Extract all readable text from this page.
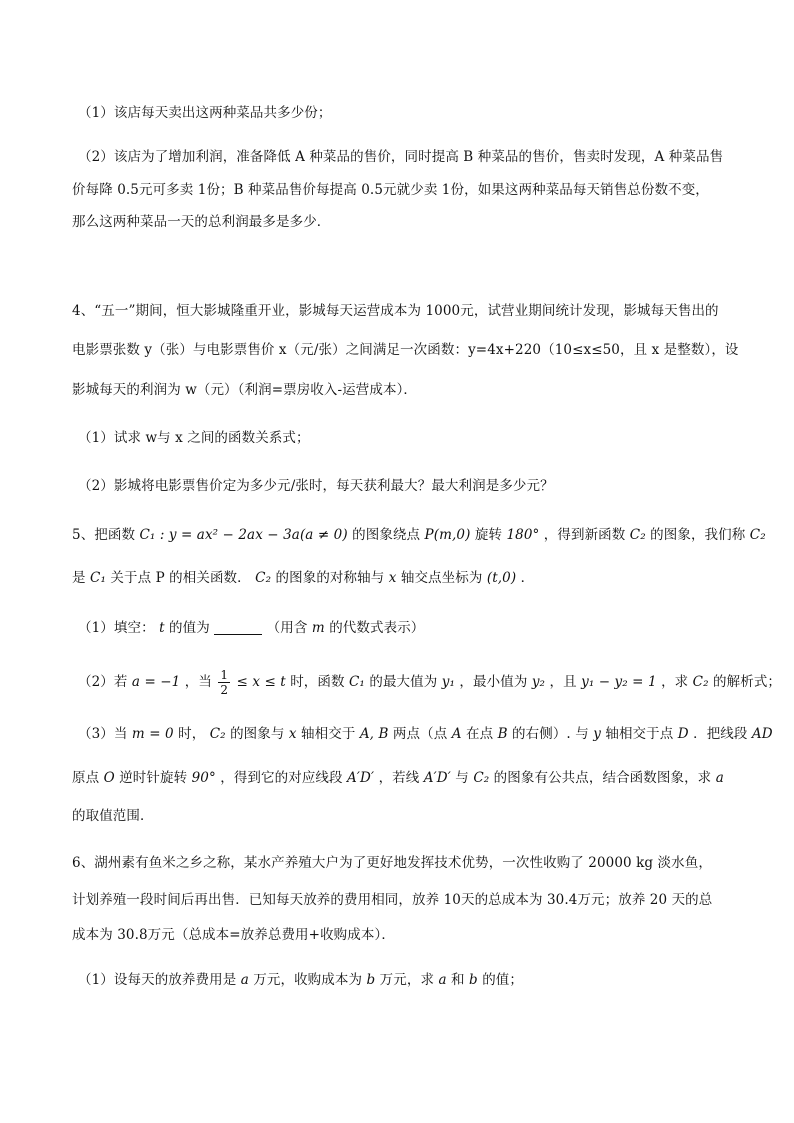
（1）该店每天卖出这两种菜品共多少份；
（2）该店为了增加利润，准备降低 A 种菜品的售价，同时提高 B 种菜品的售价，售卖时发现，A 种菜品售
价每降 0.5元可多卖 1份；B 种菜品售价每提高 0.5元就少卖 1份，如果这两种菜品每天销售总份数不变，
那么这两种菜品一天的总利润最多是多少．
4、“五一”期间，恒大影城隆重开业，影城每天运营成本为 1000元，试营业期间统计发现，影城每天售出的
电影票张数 y（张）与电影票售价 x（元/张）之间满足一次函数：y=4x+220（10≤x≤50，且 x 是整数），设
影城每天的利润为 w（元）（利润=票房收入-运营成本）．
（1）试求 w与 x 之间的函数关系式；
（2）影城将电影票售价定为多少元/张时，每天获利最大？最大利润是多少元？
5、把函数 C₁ : y = ax² − 2ax − 3a(a ≠ 0) 的图象绕点 P(m,0) 旋转 180° ，得到新函数 C₂ 的图象，我们称 C₂
是 C₁ 关于点 P 的相关函数． C₂ 的图象的对称轴与 x 轴交点坐标为 (t,0) ．
（1）填空： t 的值为	（用含 m 的代数式表示）
（2）若 a = −1 ，当 $\frac{1}{2} \le x \le t$ 时，函数 C₁ 的最大值为 y₁ ，最小值为 y₂ ，且 y₁ − y₂ = 1 ，求 C₂ 的解析式；
（3）当 m = 0 时， C₂ 的图象与 x 轴相交于 A, B 两点（点 A 在点 B 的右侧）. 与 y 轴相交于点 D ．把线段 AD
原点 O 逆时针旋转 90° ，得到它的对应线段 A′D′ ，若线 A′D′ 与 C₂ 的图象有公共点，结合函数图象，求 a
的取值范围．
6、湖州素有鱼米之乡之称，某水产养殖大户为了更好地发挥技术优势，一次性收购了 20000 kg 淡水鱼，
计划养殖一段时间后再出售．已知每天放养的费用相同，放养 10天的总成本为 30.4万元；放养 20 天的总
成本为 30.8万元（总成本=放养总费用+收购成本）．
（1）设每天的放养费用是 a 万元，收购成本为 b 万元，求 a 和 b 的值；
